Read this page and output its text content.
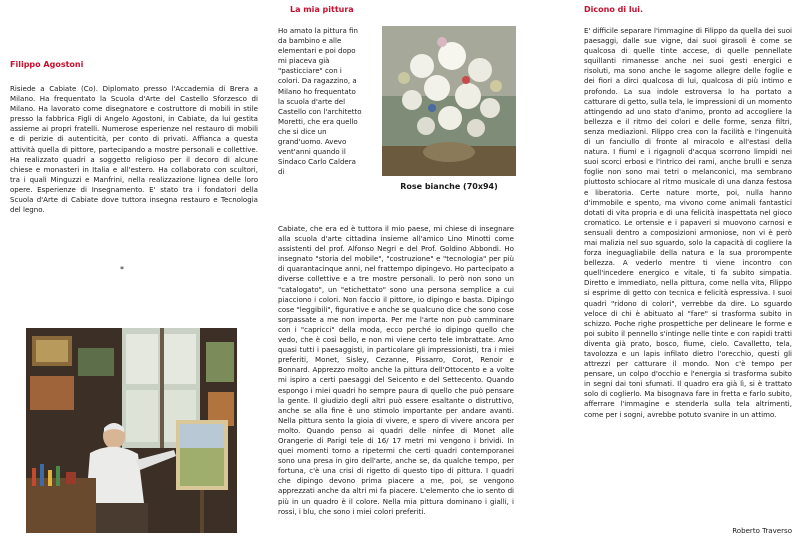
Filippo Agostoni

Risiede a Cabiate (Co). Diplomato presso l'Accademia di Brera a Milano. Ha frequentato la Scuola d'Arte del Castello Sforzesco di Milano. Ha lavorato come disegnatore e costruttore di mobili in stile presso la fabbrica Figli di Angelo Agostoni, in Cabiate, da lui gestita assieme ai propri fratelli. Numerose esperienze nel restauro di mobili e di perizie di autenticità, per conto di privati. Affianca a questa attività quella di pittore, partecipando a mostre personali e collettive. Ha realizzato quadri a soggetto religioso per il decoro di alcune chiese e monasteri in Italia e all'estero. Ha collaborato con scultori, tra i quali Minguzzi e Manfrini, nella realizzazione lignea delle loro opere. Esperienze di Insegnamento. E' stato tra i fondatori della Scuola d'Arte di Cabiate dove tuttora insegna restauro e Tecnologia del legno.

*
La mia pittura

Ho amato la pittura fin da bambino e alle elementari e poi dopo mi piaceva già "pasticciare" con i colori. Da ragazzino, a Milano ho frequentato la scuola d'arte del Castello con l'architetto Moretti, che era quello che si dice un grand'uomo. Avevo vent'anni quando il Sindaco Carlo Caldera di

Cabiate, che era ed è tuttora il mio paese, mi chiese di insegnare alla scuola d'arte cittadina insieme all'amico Lino Minotti come assistenti del prof. Alfonso Negri e del Prof. Goldino Abbondi. Ho insegnato "storia del mobile", "costruzione" e "tecnologia" per più di quarantacinque anni, nel frattempo dipingevo. Ho partecipato a diverse collettive e a tre mostre personali. Io però non sono un "catalogato", un "etichettato" sono una persona semplice a cui piacciono i colori. Non faccio il pittore, io dipingo e basta. Dipingo cose "leggibili", figurative e anche se qualcuno dice che sono cose sorpassate a me non importa. Per me l'arte non può camminare con i "capricci" della moda, ecco perché io dipingo quello che vedo, che è così bello, e non mi viene certo tele imbrattate. Amo quasi tutti i paesaggisti, in particolare gli impressionisti, tra i miei preferiti, Monet, Sisley, Cezanne, Pissarro, Corot, Renoir e Bonnard. Apprezzo molto anche la pittura dell'Ottocento e a volte mi ispiro a certi paesaggi del Seicento e del Settecento. Quando espongo i miei quadri ho sempre paura di quello che può pensare la gente. Il giudizio degli altri può essere esaltante o distruttivo, anche se alla fine è uno stimolo importante per andare avanti. Nella pittura sento la gioia di vivere, e spero di vivere ancora per molto. Quando penso ai quadri delle ninfee di Monet alle Orangerie di Parigi tele di 16/ 17 metri mi vengono i brividi. In quei momenti torno a ripetermi che certi quadri contemporanei sono una presa in giro dell'arte, anche se, da qualche tempo, per fortuna, c'è una crisi di rigetto di questo tipo di pittura. I quadri che dipingo devono prima piacere a me, poi, se vengono apprezzati anche da altri mi fa piacere. L'elemento che io sento di più in un quadro è il colore. Nella mia pittura dominano i gialli, i rossi, i blu, che sono i miei colori preferiti.

Rose bianche (70x94)
Dicono di lui.

E' difficile separare l'immagine di Filippo da quella dei suoi paesaggi, dalle sue vigne, dai suoi girasoli è come se qualcosa di quelle tinte accese, di quelle pennellate squillanti rimanesse anche nei suoi gesti energici e risoluti, ma sono anche le sagome allegre delle foglie e dei fiori a dirci qualcosa di lui, qualcosa di più intimo e profondo. La sua indole estroversa lo ha portato a catturare di getto, sulla tela, le impressioni di un momento attingendo ad uno stato d'animo, pronto ad accogliere la bellezza e il ritmo dei colori e delle forme, senza filtri, senza mediazioni. Filippo crea con la facilità e l'ingenuità di un fanciullo di fronte al miracolo e all'estasi della natura. I fiumi e i rigagnoli d'acqua scorrono limpidi nei suoi scorci erbosi e l'intrico dei rami, anche brulli e senza foglie non sono mai tetri o melanconici, ma sembrano piuttosto schiocare al ritmo musicale di una danza festosa e liberatoria. Certe nature morte, poi, nulla hanno d'immobile e spento, ma vivono come animali fantastici dotati di vita propria e di una felicità inaspettata nel gioco cromatico. Le ortensie e i papaveri si muovono carnosi e sensuali dentro a composizioni armoniose, non vi è però mai malizia nel suo sguardo, solo la capacità di cogliere la forza ineguagliabile della natura e la sua prorompente bellezza. A vederlo mentre ti viene incontro con quell'incedere energico e vitale, ti fa subito simpatia. Diretto e immediato, nella pittura, come nella vita, Filippo si esprime di getto con tecnica e felicità espressiva. I suoi quadri "ridono di colori", verrebbe da dire. Lo sguardo veloce di chi è abituato al "fare" si trasforma subito in schizzo. Poche righe prospettiche per delineare le forme e poi subito il pennello s'intinge nelle tinte e con rapidi tratti diventa già prato, bosco, fiume, cielo. Cavalletto, tela, tavolozza e un lapis infilato dietro l'orecchio, questi gli attrezzi per catturare il mondo. Non c'è tempo per pensare, un colpo d'occhio e l'energia si trasforma subito in segni dai toni sfumati. Il quadro era già lì, si è trattato solo di coglierlo. Ma bisognava fare in fretta e farlo subito, afferrare l'immagine e stenderla sulla tela altrimenti, come per i sogni, avrebbe potuto svanire in un attimo.

Roberto Traverso
